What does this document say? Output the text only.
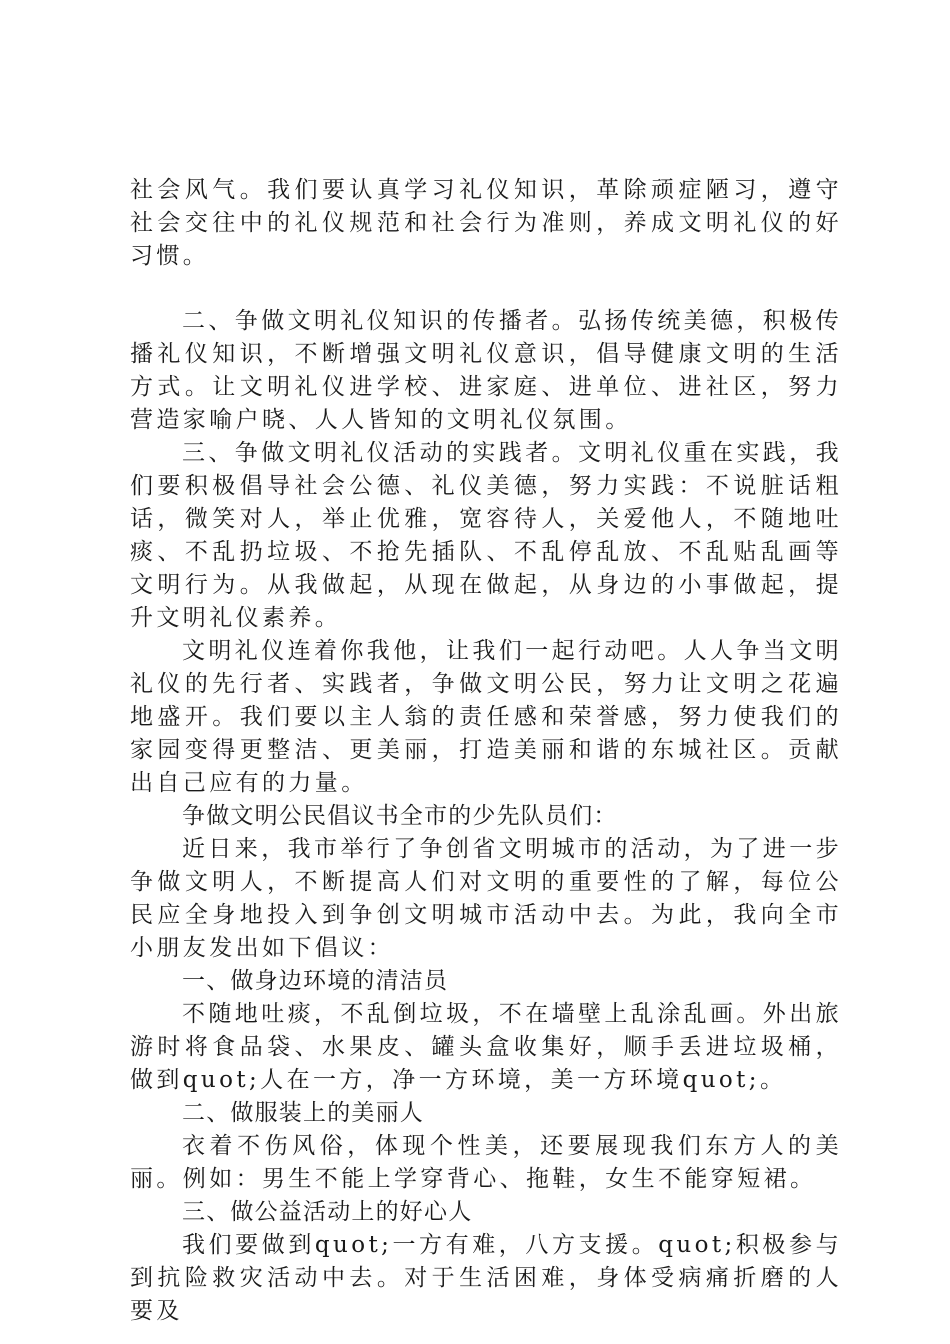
社会风气。我们要认真学习礼仪知识，革除顽症陋习，遵守社会交往中的礼仪规范和社会行为准则，养成文明礼仪的好习惯。

二、争做文明礼仪知识的传播者。弘扬传统美德，积极传播礼仪知识，不断增强文明礼仪意识，倡导健康文明的生活方式。让文明礼仪进学校、进家庭、进单位、进社区，努力营造家喻户晓、人人皆知的文明礼仪氛围。

三、争做文明礼仪活动的实践者。文明礼仪重在实践，我们要积极倡导社会公德、礼仪美德，努力实践：不说脏话粗话，微笑对人，举止优雅，宽容待人，关爱他人，不随地吐痰、不乱扔垃圾、不抢先插队、不乱停乱放、不乱贴乱画等文明行为。从我做起，从现在做起，从身边的小事做起，提升文明礼仪素养。

文明礼仪连着你我他，让我们一起行动吧。人人争当文明礼仪的先行者、实践者，争做文明公民，努力让文明之花遍地盛开。我们要以主人翁的责任感和荣誉感，努力使我们的家园变得更整洁、更美丽，打造美丽和谐的东城社区。贡献出自己应有的力量。

争做文明公民倡议书全市的少先队员们：

近日来，我市举行了争创省文明城市的活动，为了进一步争做文明人，不断提高人们对文明的重要性的了解，每位公民应全身地投入到争创文明城市活动中去。为此，我向全市小朋友发出如下倡议：

一、做身边环境的清洁员

不随地吐痰，不乱倒垃圾，不在墙壁上乱涂乱画。外出旅游时将食品袋、水果皮、罐头盒收集好，顺手丢进垃圾桶，做到quot;人在一方，净一方环境，美一方环境quot;。

二、做服装上的美丽人

衣着不伤风俗，体现个性美，还要展现我们东方人的美丽。例如：男生不能上学穿背心、拖鞋，女生不能穿短裙。

三、做公益活动上的好心人

我们要做到quot;一方有难，八方支援。quot;积极参与到抗险救灾活动中去。对于生活困难，身体受病痛折磨的人要及
